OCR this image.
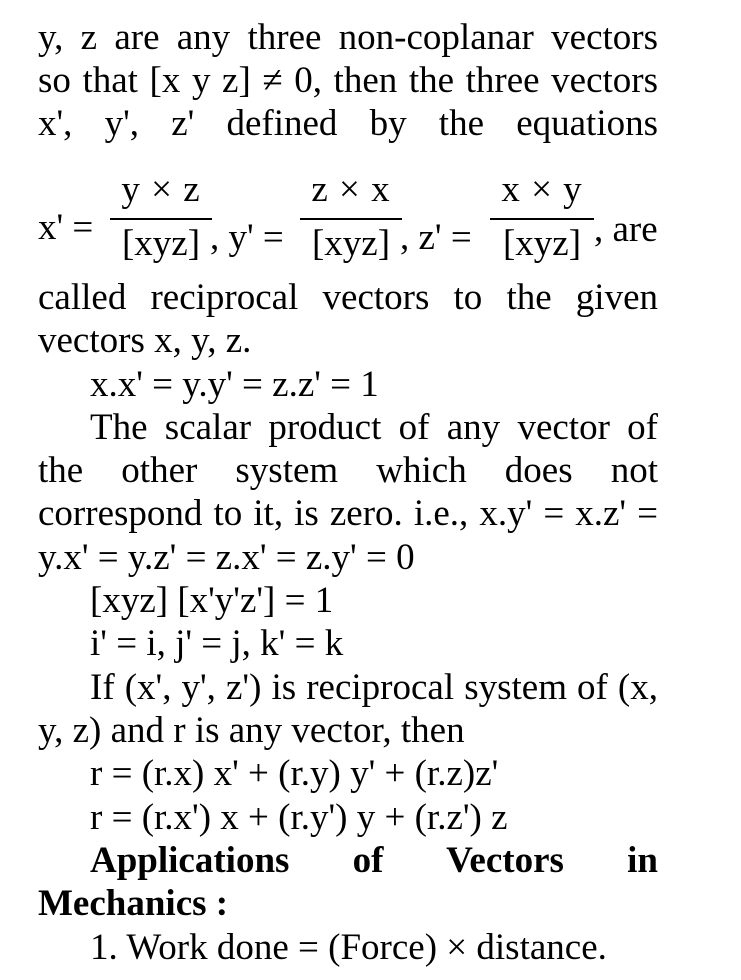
y, z are any three non-coplanar vectors
so that [x y z] ≠ 0, then the three vectors
x', y', z' defined by the equations
x' =
y × z
[xyz] , y' =
z × x
[xyz] , z' =
x × y
[xyz] , are
called reciprocal vectors to the given
vectors x, y, z.
x.x' = y.y' = z.z' = 1
The scalar product of any vector of
the other system which does not
correspond to it, is zero. i.e., x.y' = x.z' =
y.x' = y.z' = z.x' = z.y' = 0
[xyz] [x'y'z'] = 1
i' = i, j' = j, k' = k
If (x', y', z') is reciprocal system of (x,
y, z) and r is any vector, then
r = (r.x) x' + (r.y) y' + (r.z)z'
r = (r.x') x + (r.y') y + (r.z') z
Applications of Vectors in
Mechanics :
1. Work done = (Force) × distance.
